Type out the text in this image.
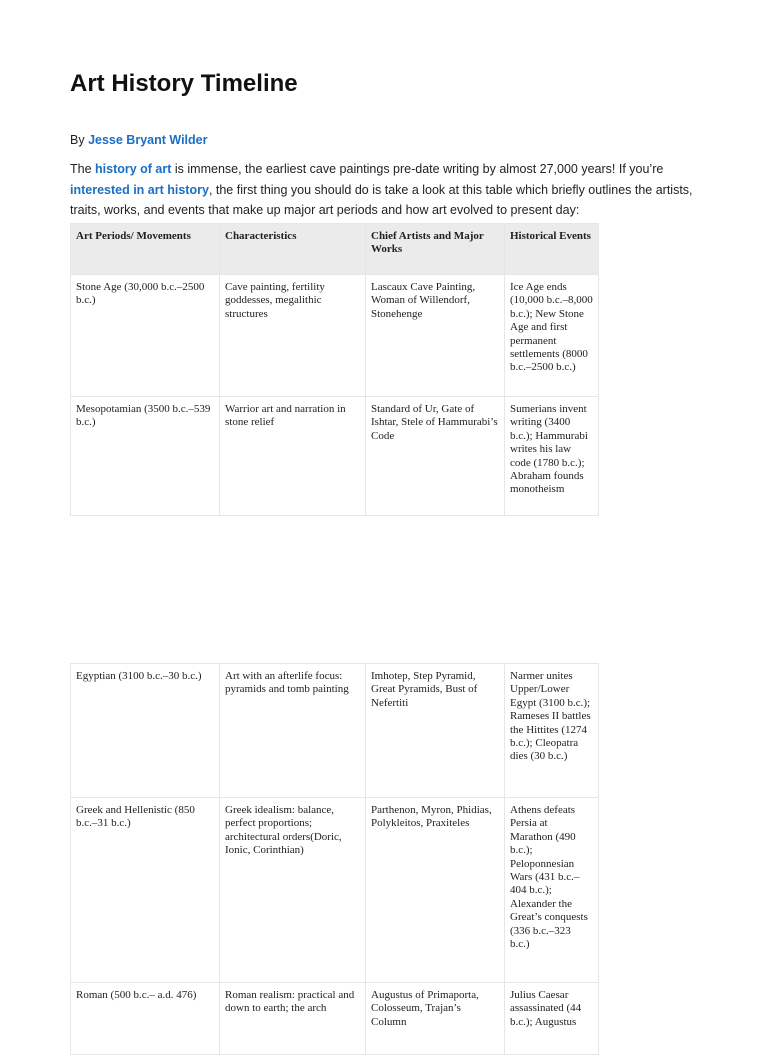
Art History Timeline
By Jesse Bryant Wilder
The history of art is immense, the earliest cave paintings pre-date writing by almost 27,000 years! If you’re interested in art history, the first thing you should do is take a look at this table which briefly outlines the artists, traits, works, and events that make up major art periods and how art evolved to present day:
Art Periods/ Movements	Characteristics	Chief Artists and Major Works	Historical Events
Stone Age (30,000 b.c.–2500 b.c.)	Cave painting, fertility goddesses, megalithic structures	Lascaux Cave Painting, Woman of Willendorf, Stonehenge	Ice Age ends (10,000 b.c.–8,000 b.c.); New Stone Age and first permanent settlements (8000 b.c.–2500 b.c.)
Mesopotamian (3500 b.c.–539 b.c.)	Warrior art and narration in stone relief	Standard of Ur, Gate of Ishtar, Stele of Hammurabi’s Code	Sumerians invent writing (3400 b.c.); Hammurabi writes his law code (1780 b.c.); Abraham founds monotheism
Egyptian (3100 b.c.–30 b.c.)	Art with an afterlife focus: pyramids and tomb painting	Imhotep, Step Pyramid, Great Pyramids, Bust of Nefertiti	Narmer unites Upper/Lower Egypt (3100 b.c.); Rameses II battles the Hittites (1274 b.c.); Cleopatra dies (30 b.c.)
Greek and Hellenistic (850 b.c.–31 b.c.)	Greek idealism: balance, perfect proportions; architectural orders(Doric, Ionic, Corinthian)	Parthenon, Myron, Phidias, Polykleitos, Praxiteles	Athens defeats Persia at Marathon (490 b.c.); Peloponnesian Wars (431 b.c.–404 b.c.); Alexander the Great’s conquests (336 b.c.–323 b.c.)
Roman (500 b.c.– a.d. 476)	Roman realism: practical and down to earth; the arch	Augustus of Primaporta, Colosseum, Trajan’s Column	Julius Caesar assassinated (44 b.c.); Augustus
